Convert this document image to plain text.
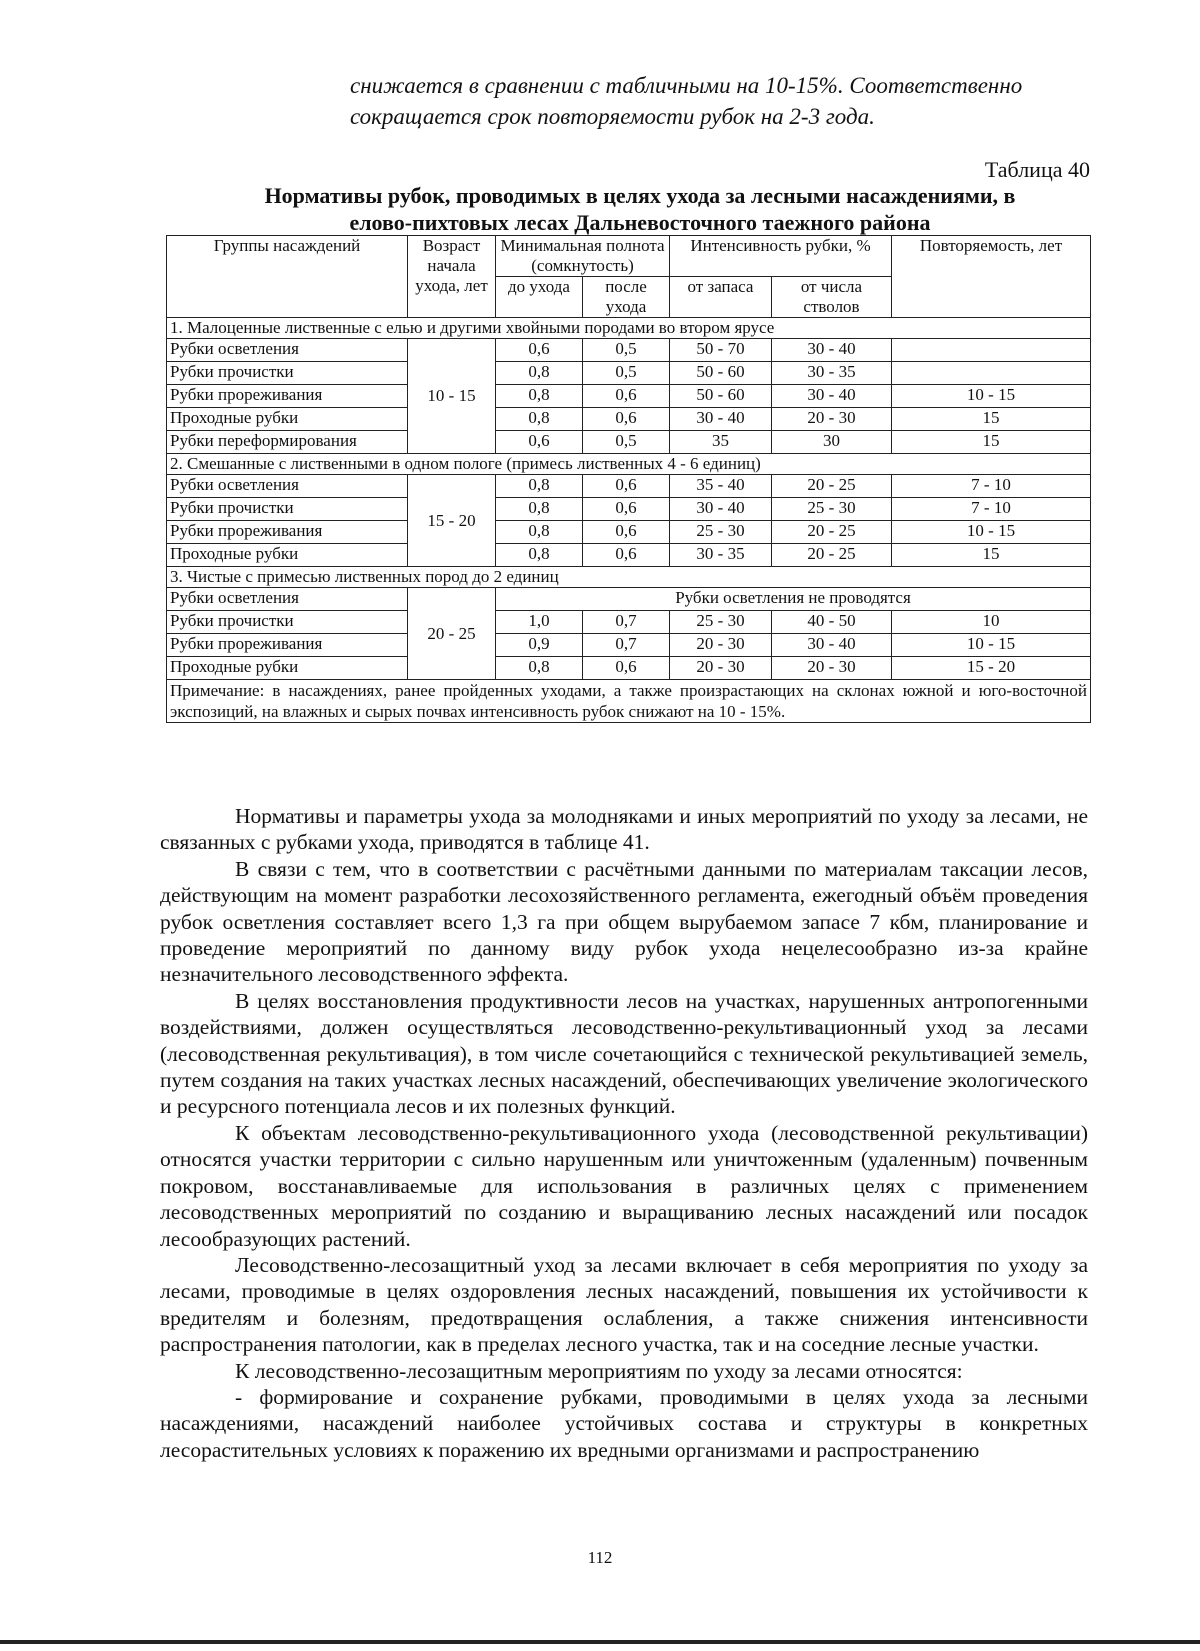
снижается в сравнении с табличными на 10-15%. Соответственно
сокращается срок повторяемости рубок на 2-3 года.
Таблица 40
Нормативы рубок, проводимых в целях ухода за лесными насаждениями, в
елово-пихтовых лесах Дальневосточного таежного района
Группы насаждений	Возраст начала ухода, лет	Минимальная полнота (сомкнутость)		Интенсивность рубки, %		Повторяемость, лет
		до ухода	после ухода	от запаса	от числа стволов	
1. Малоценные лиственные с елью и другими хвойными породами во втором ярусе						
Рубки осветления	10 - 15	0,6	0,5	50 - 70	30 - 40	
Рубки прочистки		0,8	0,5	50 - 60	30 - 35	
Рубки прореживания		0,8	0,6	50 - 60	30 - 40	10 - 15
Проходные рубки		0,8	0,6	30 - 40	20 - 30	15
Рубки переформирования		0,6	0,5	35	30	15
2. Смешанные с лиственными в одном пологе (примесь лиственных 4 - 6 единиц)						
Рубки осветления	15 - 20	0,8	0,6	35 - 40	20 - 25	7 - 10
Рубки прочистки		0,8	0,6	30 - 40	25 - 30	7 - 10
Рубки прореживания		0,8	0,6	25 - 30	20 - 25	10 - 15
Проходные рубки		0,8	0,6	30 - 35	20 - 25	15
3. Чистые с примесью лиственных пород до 2 единиц						
Рубки осветления	20 - 25	Рубки осветления не проводятся				
Рубки прочистки		1,0	0,7	25 - 30	40 - 50	10
Рубки прореживания		0,9	0,7	20 - 30	30 - 40	10 - 15
Проходные рубки		0,8	0,6	20 - 30	20 - 30	15 - 20
Примечание: в насаждениях, ранее пройденных уходами, а также произрастающих на склонах южной и юго-восточной экспозиций, на влажных и сырых почвах интенсивность рубок снижают на 10 - 15%.						

Нормативы и параметры ухода за молодняками и иных мероприятий по уходу за лесами, не связанных с рубками ухода, приводятся в таблице 41.

В связи с тем, что в соответствии с расчётными данными по материалам таксации лесов, действующим на момент разработки лесохозяйственного регламента, ежегодный объём проведения рубок осветления составляет всего 1,3 га при общем вырубаемом запасе 7 кбм, планирование и проведение мероприятий по данному виду рубок ухода нецелесообразно из-за крайне незначительного лесоводственного эффекта.

В целях восстановления продуктивности лесов на участках, нарушенных антропогенными воздействиями, должен осуществляться лесоводственно-рекультивационный уход за лесами (лесоводственная рекультивация), в том числе сочетающийся с технической рекультивацией земель, путем создания на таких участках лесных насаждений, обеспечивающих увеличение экологического и ресурсного потенциала лесов и их полезных функций.

К объектам лесоводственно-рекультивационного ухода (лесоводственной рекультивации) относятся участки территории с сильно нарушенным или уничтоженным (удаленным) почвенным покровом, восстанавливаемые для использования в различных целях с применением лесоводственных мероприятий по созданию и выращиванию лесных насаждений или посадок лесообразующих растений.

Лесоводственно-лесозащитный уход за лесами включает в себя мероприятия по уходу за лесами, проводимые в целях оздоровления лесных насаждений, повышения их устойчивости к вредителям и болезням, предотвращения ослабления, а также снижения интенсивности распространения патологии, как в пределах лесного участка, так и на соседние лесные участки.

К лесоводственно-лесозащитным мероприятиям по уходу за лесами относятся:

- формирование и сохранение рубками, проводимыми в целях ухода за лесными насаждениями, насаждений наиболее устойчивых состава и структуры в конкретных лесорастительных условиях к поражению их вредными организмами и распространению

112
